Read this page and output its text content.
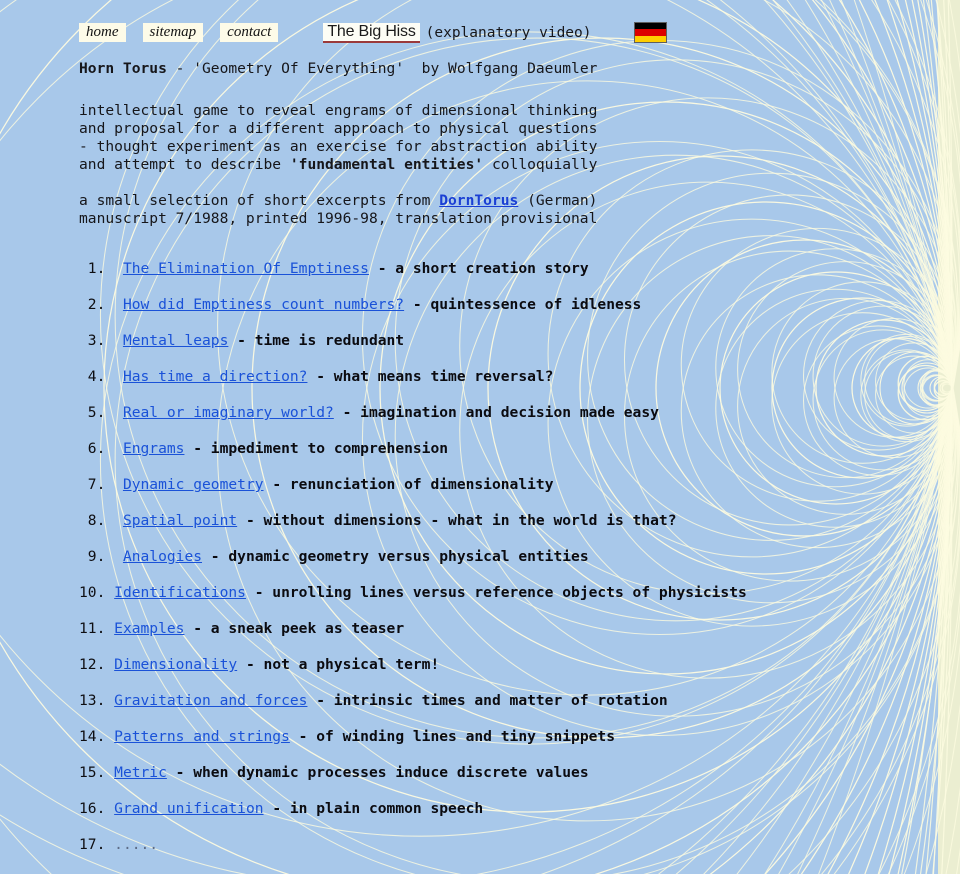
home	sitemap	contact	The Big Hiss (explanatory video)
Horn Torus - 'Geometry Of Everything'  by Wolfgang Daeumler
intellectual game to reveal engrams of dimensional thinking
and proposal for a different approach to physical questions
- thought experiment as an exercise for abstraction ability
and attempt to describe 'fundamental entities' colloquially
a small selection of short excerpts from DornTorus (German)
manuscript 7/1988, printed 1996-98, translation provisional
1.  The Elimination Of Emptiness - a short creation story
2.  How did Emptiness count numbers? - quintessence of idleness
3.  Mental leaps - time is redundant
4.  Has time a direction? - what means time reversal?
5.  Real or imaginary world? - imagination and decision made easy
6.  Engrams - impediment to comprehension
7.  Dynamic geometry - renunciation of dimensionality
8.  Spatial point - without dimensions - what in the world is that?
9.  Analogies - dynamic geometry versus physical entities
10. Identifications - unrolling lines versus reference objects of physicists
11. Examples - a sneak peek as teaser
12. Dimensionality - not a physical term!
13. Gravitation and forces - intrinsic times and matter of rotation
14. Patterns and strings - of winding lines and tiny snippets
15. Metric - when dynamic processes induce discrete values
16. Grand unification - in plain common speech
17. .....
